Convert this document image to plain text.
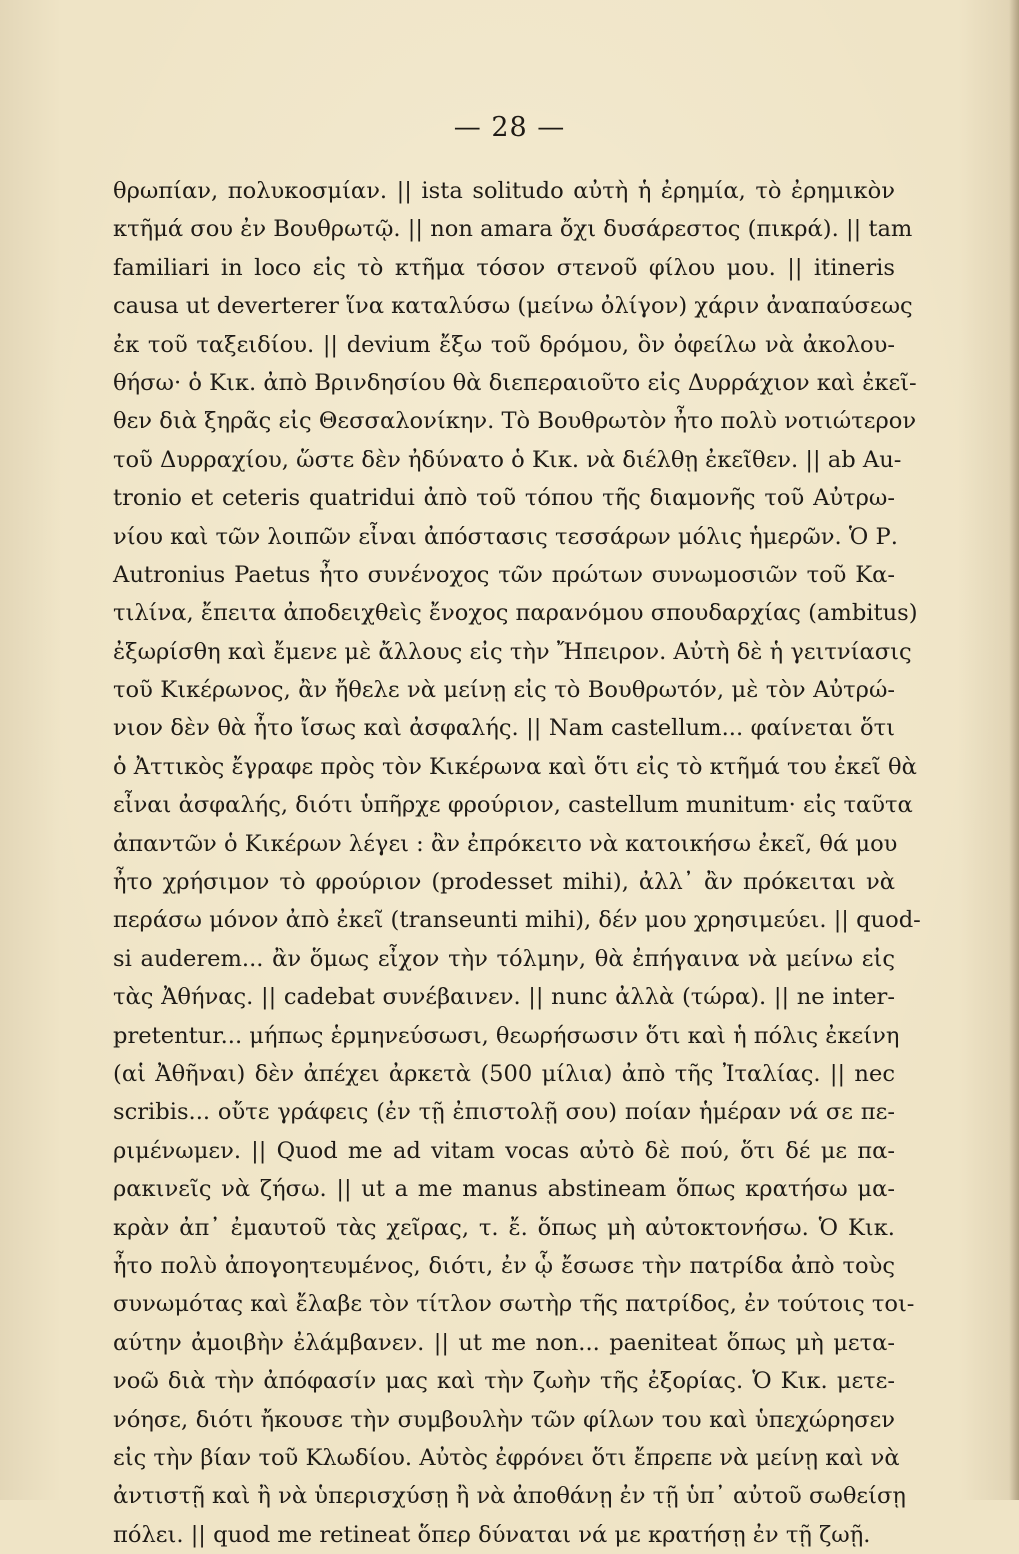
— 28 —
θρωπίαν, πολυκοσμίαν. || ista solitudo αὐτὴ ἡ ἐρημία, τὸ ἐρημικὸν
κτῆμά σου ἐν Βουθρωτῷ. || non amara ὄχι δυσάρεστος (πικρά). || tam
familiari in loco εἰς τὸ κτῆμα τόσον στενοῦ φίλου μου. || itineris
causa ut deverterer ἵνα καταλύσω (μείνω ὀλίγον) χάριν ἀναπαύσεως
ἐκ τοῦ ταξειδίου. || devium ἔξω τοῦ δρόμου, ὃν ὀφείλω νὰ ἀκολου-
θήσω· ὁ Κικ. ἀπὸ Βρινδησίου θὰ διεπεραιοῦτο εἰς Δυρράχιον καὶ ἐκεῖ-
θεν διὰ ξηρᾶς εἰς Θεσσαλονίκην. Τὸ Βουθρωτὸν ἦτο πολὺ νοτιώτερον
τοῦ Δυρραχίου, ὥστε δὲν ἠδύνατο ὁ Κικ. νὰ διέλθῃ ἐκεῖθεν. || ab Au-
tronio et ceteris quatridui ἀπὸ τοῦ τόπου τῆς διαμονῆς τοῦ Αὐτρω-
νίου καὶ τῶν λοιπῶν εἶναι ἀπόστασις τεσσάρων μόλις ἡμερῶν. Ὁ Ρ.
Autronius Paetus ἦτο συνένοχος τῶν πρώτων συνωμοσιῶν τοῦ Κα-
τιλίνα, ἔπειτα ἀποδειχθεὶς ἔνοχος παρανόμου σπουδαρχίας (ambitus)
ἐξωρίσθη καὶ ἔμενε μὲ ἄλλους εἰς τὴν Ἤπειρον. Αὐτὴ δὲ ἡ γειτνίασις
τοῦ Κικέρωνος, ἂν ἤθελε νὰ μείνῃ εἰς τὸ Βουθρωτόν, μὲ τὸν Αὐτρώ-
νιον δὲν θὰ ἦτο ἴσως καὶ ἀσφαλής. || Nam castellum... φαίνεται ὅτι
ὁ Ἀττικὸς ἔγραφε πρὸς τὸν Κικέρωνα καὶ ὅτι εἰς τὸ κτῆμά του ἐκεῖ θὰ
εἶναι ἀσφαλής, διότι ὑπῆρχε φρούριον, castellum munitum· εἰς ταῦτα
ἀπαντῶν ὁ Κικέρων λέγει : ἂν ἐπρόκειτο νὰ κατοικήσω ἐκεῖ, θά μου
ἦτο χρήσιμον τὸ φρούριον (prodesset mihi), ἀλλ᾿ ἂν πρόκειται νὰ
περάσω μόνον ἀπὸ ἐκεῖ (transeunti mihi), δέν μου χρησιμεύει. || quod-
si auderem... ἂν ὅμως εἶχον τὴν τόλμην, θὰ ἐπήγαινα νὰ μείνω εἰς
τὰς Ἀθήνας. || cadebat συνέβαινεν. || nunc ἀλλὰ (τώρα). || ne inter-
pretentur... μήπως ἑρμηνεύσωσι, θεωρήσωσιν ὅτι καὶ ἡ πόλις ἐκείνη
(αἱ Ἀθῆναι) δὲν ἀπέχει ἀρκετὰ (500 μίλια) ἀπὸ τῆς Ἰταλίας. || nec
scribis... οὔτε γράφεις (ἐν τῇ ἐπιστολῇ σου) ποίαν ἡμέραν νά σε πε-
ριμένωμεν. || Quod me ad vitam vocas αὐτὸ δὲ πού, ὅτι δέ με πα-
ρακινεῖς νὰ ζήσω. || ut a me manus abstineam ὅπως κρατήσω μα-
κρὰν ἀπ᾿ ἐμαυτοῦ τὰς χεῖρας, τ. ἔ. ὅπως μὴ αὐτοκτονήσω. Ὁ Κικ.
ἦτο πολὺ ἀπογοητευμένος, διότι, ἐν ᾧ ἔσωσε τὴν πατρίδα ἀπὸ τοὺς
συνωμότας καὶ ἔλαβε τὸν τίτλον σωτὴρ τῆς πατρίδος, ἐν τούτοις τοι-
αύτην ἀμοιβὴν ἐλάμβανεν. || ut me non... paeniteat ὅπως μὴ μετα-
νοῶ διὰ τὴν ἀπόφασίν μας καὶ τὴν ζωὴν τῆς ἐξορίας. Ὁ Κικ. μετε-
νόησε, διότι ἤκουσε τὴν συμβουλὴν τῶν φίλων του καὶ ὑπεχώρησεν
εἰς τὴν βίαν τοῦ Κλωδίου. Αὐτὸς ἐφρόνει ὅτι ἔπρεπε νὰ μείνῃ καὶ νὰ
ἀντιστῇ καὶ ἢ νὰ ὑπερισχύσῃ ἢ νὰ ἀποθάνῃ ἐν τῇ ὑπ᾿ αὐτοῦ σωθείσῃ
πόλει. || quod me retineat ὅπερ δύναται νά με κρατήσῃ ἐν τῇ ζωῇ.
